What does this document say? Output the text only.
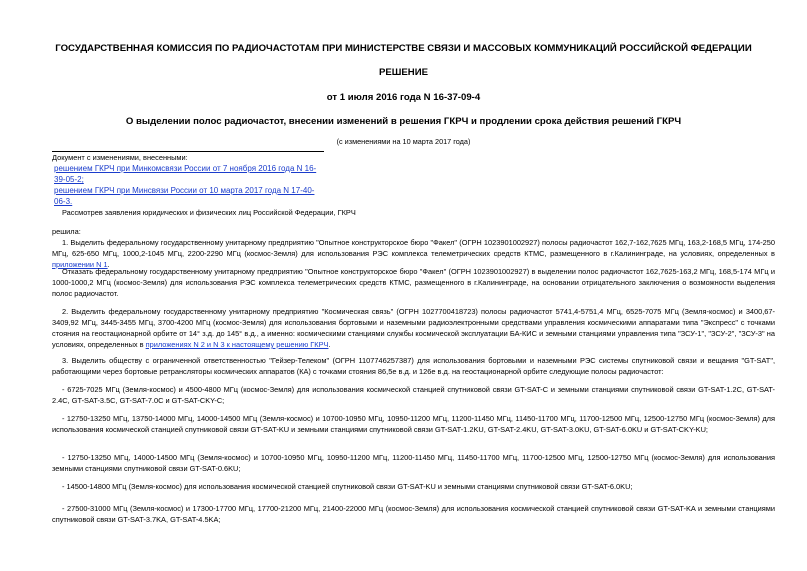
ГОСУДАРСТВЕННАЯ КОМИССИЯ ПО РАДИОЧАСТОТАМ ПРИ МИНИСТЕРСТВЕ СВЯЗИ И МАССОВЫХ КОММУНИКАЦИЙ РОССИЙСКОЙ ФЕДЕРАЦИИ
РЕШЕНИЕ
от 1 июля 2016 года N 16-37-09-4
О выделении полос радиочастот, внесении изменений в решения ГКРЧ и продлении срока действия решений ГКРЧ
(с изменениями на 10 марта 2017 года)
Документ с изменениями, внесенными:
решением ГКРЧ при Минкомсвязи России от 7 ноября 2016 года N 16-39-05-2;
решением ГКРЧ при Минсвязи России от 10 марта 2017 года N 17-40-06-3.
Рассмотрев заявления юридических и физических лиц Российской Федерации, ГКРЧ
решила:
1. Выделить федеральному государственному унитарному предприятию "Опытное конструкторское бюро "Факел" (ОГРН 1023901002927) полосы радиочастот 162,7-162,7625 МГц, 163,2-168,5 МГц, 174-250 МГц, 625-650 МГц, 1000,2-1045 МГц, 2200-2290 МГц (космос-Земля) для использования РЭС комплекса телеметрических средств КТМС, размещенного в г.Калининграде, на условиях, определенных в приложении N 1.
Отказать федеральному государственному унитарному предприятию "Опытное конструкторское бюро "Факел" (ОГРН 1023901002927) в выделении полос радиочастот 162,7625-163,2 МГц, 168,5-174 МГц и 1000-1000,2 МГц (космос-Земля) для использования РЭС комплекса телеметрических средств КТМС, размещенного в г.Калининграде, на основании отрицательного заключения о возможности выделения полос радиочастот.
2. Выделить федеральному государственному унитарному предприятию "Космическая связь" (ОГРН 1027700418723) полосы радиочастот 5741,4-5751,4 МГц, 6525-7075 МГц (Земля-космос) и 3400,67-3409,92 МГц, 3445-3455 МГц, 3700-4200 МГц (космос-Земля) для использования бортовыми и наземными радиоэлектронными средствами управления космическими аппаратами типа "Экспресс" с точками стояния на геостационарной орбите от 14° з.д. до 145° в.д., а именно: космическими станциями службы космической эксплуатации БА-КИС и земными станциями управления типа "ЗСУ-1", "ЗСУ-2", "ЗСУ-3" на условиях, определенных в приложениях N 2 и N 3 к настоящему решению ГКРЧ.
3. Выделить обществу с ограниченной ответственностью "Гейзер-Телеком" (ОГРН 1107746257387) для использования бортовыми и наземными РЭС системы спутниковой связи и вещания "GT-SAT", работающими через бортовые ретрансляторы космических аппаратов (КА) с точками стояния 86,5е в.д. и 126е в.д. на геостационарной орбите следующие полосы радиочастот:
- 6725-7025 МГц (Земля-космос) и 4500-4800 МГц (космос-Земля) для использования космической станцией спутниковой связи GT-SAT-C и земными станциями спутниковой связи GT-SAT-1.2C, GT-SAT-2.4C, GT-SAT-3.5C, GT-SAT-7.0C и GT-SAT-CKY-C;
- 12750-13250 МГц, 13750-14000 МГц, 14000-14500 МГц (Земля-космос) и 10700-10950 МГц, 10950-11200 МГц, 11200-11450 МГц, 11450-11700 МГц, 11700-12500 МГц, 12500-12750 МГц (космос-Земля) для использования космической станцией спутниковой связи GT-SAT-KU и земными станциями спутниковой связи GT-SAT-1.2KU, GT-SAT-2.4KU, GT-SAT-3.0KU, GT-SAT-6.0KU и GT-SAT-CKY-KU;
- 12750-13250 МГц, 14000-14500 МГц (Земля-космос) и 10700-10950 МГц, 10950-11200 МГц, 11200-11450 МГц, 11450-11700 МГц, 11700-12500 МГц, 12500-12750 МГц (космос-Земля) для использования земными станциями спутниковой связи GT-SAT-0.6KU;
- 14500-14800 МГц (Земля-космос) для использования космической станцией спутниковой связи GT-SAT-KU и земными станциями спутниковой связи GT-SAT-6.0KU;
- 27500-31000 МГц (Земля-космос) и 17300-17700 МГц, 17700-21200 МГц, 21400-22000 МГц (космос-Земля) для использования космической станцией спутниковой связи GT-SAT-KA и земными станциями спутниковой связи GT-SAT-3.7KA, GT-SAT-4.5KA;
